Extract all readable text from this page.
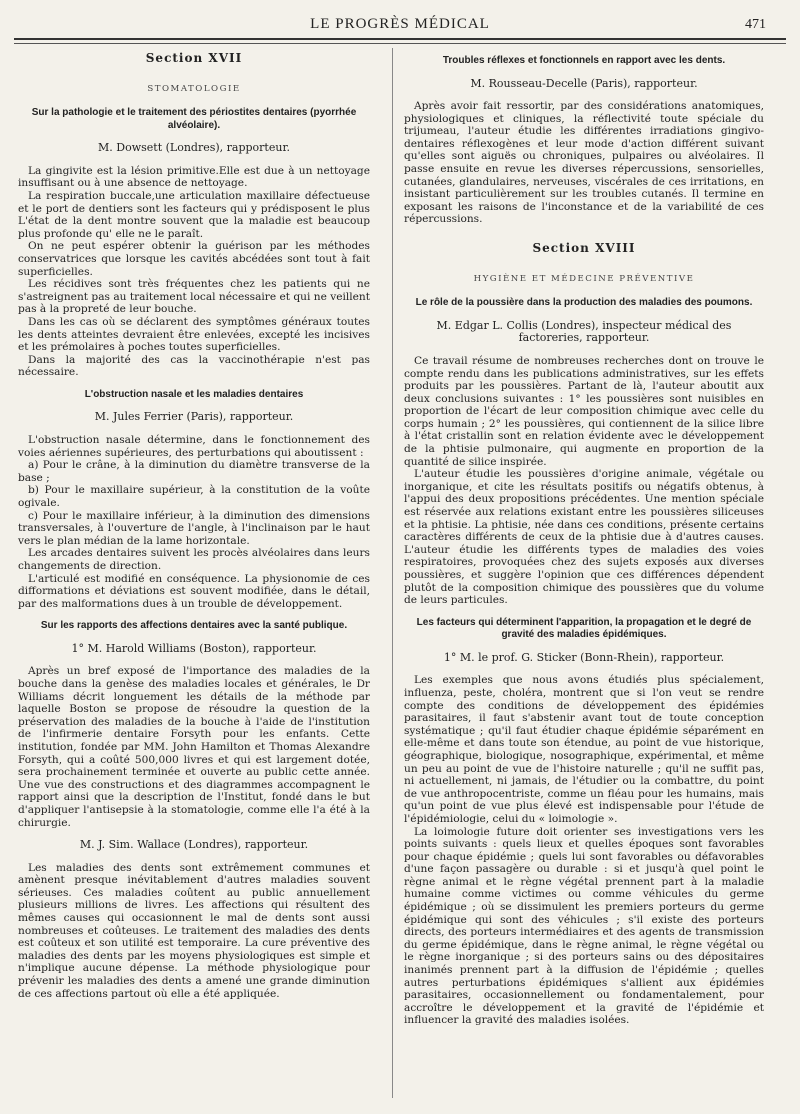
LE PROGRÈS MÉDICAL	471
Section XVII
STOMATOLOGIE
Sur la pathologie et le traitement des périostites dentaires (pyorrhée alvéolaire).
M. Dowsett (Londres), rapporteur.

La gingivite est la lésion primitive.Elle est due à un nettoyage insuffisant ou à une absence de nettoyage.

La respiration buccale,une articulation maxillaire défectueuse et le port de dentiers sont les facteurs qui y prédisposent le plus L'état de la dent montre souvent que la maladie est beaucoup plus profonde qu' elle ne le paraît.

On ne peut espérer obtenir la guérison par les méthodes conservatrices que lorsque les cavités abcédées sont tout à fait superficielles.

Les récidives sont très fréquentes chez les patients qui ne s'astreignent pas au traitement local nécessaire et qui ne veillent pas à la propreté de leur bouche.

Dans les cas où se déclarent des symptômes généraux toutes les dents atteintes devraient être enlevées, excepté les incisives et les prémolaires à poches toutes superficielles.

Dans la majorité des cas la vaccinothérapie n'est pas nécessaire.

L'obstruction nasale et les maladies dentaires
M. Jules Ferrier (Paris), rapporteur.

L'obstruction nasale détermine, dans le fonctionnement des voies aériennes supérieures, des perturbations qui aboutissent :

a) Pour le crâne, à la diminution du diamètre transverse de la base ;

b) Pour le maxillaire supérieur, à la constitution de la voûte ogivale.

c) Pour le maxillaire inférieur, à la diminution des dimensions transversales, à l'ouverture de l'angle, à l'inclinaison par le haut vers le plan médian de la lame horizontale.

Les arcades dentaires suivent les procès alvéolaires dans leurs changements de direction.

L'articulé est modifié en conséquence. La physionomie de ces difformations et déviations est souvent modifiée, dans le détail, par des malformations dues à un trouble de développement.

Sur les rapports des affections dentaires avec la santé publique.
1° M. Harold Williams (Boston), rapporteur.

Après un bref exposé de l'importance des maladies de la bouche dans la genèse des maladies locales et générales, le Dr Williams décrit longuement les détails de la méthode par laquelle Boston se propose de résoudre la question de la préservation des maladies de la bouche à l'aide de l'institution de l'infirmerie dentaire Forsyth pour les enfants. Cette institution, fondée par MM. John Hamilton et Thomas Alexandre Forsyth, qui a coûté 500,000 livres et qui est largement dotée, sera prochainement terminée et ouverte au public cette année. Une vue des constructions et des diagrammes accompagnent le rapport ainsi que la description de l'Institut, fondé dans le but d'appliquer l'antisepsie à la stomatologie, comme elle l'a été à la chirurgie.

M. J. Sim. Wallace (Londres), rapporteur.

Les maladies des dents sont extrêmement communes et amènent presque inévitablement d'autres maladies souvent sérieuses. Ces maladies coûtent au public annuellement plusieurs millions de livres. Les affections qui résultent des mêmes causes qui occasionnent le mal de dents sont aussi nombreuses et coûteuses. Le traitement des maladies des dents est coûteux et son utilité est temporaire. La cure préventive des maladies des dents par les moyens physiologiques est simple et n'implique aucune dépense. La méthode physiologique pour prévenir les maladies des dents a amené une grande diminution de ces affections partout où elle a été appliquée.

Troubles réflexes et fonctionnels en rapport avec les dents.
M. Rousseau-Decelle (Paris), rapporteur.

Après avoir fait ressortir, par des considérations anatomiques, physiologiques et cliniques, la réflectivité toute spéciale du trijumeau, l'auteur étudie les différentes irradiations gingivo-dentaires réflexogènes et leur mode d'action différent suivant qu'elles sont aiguës ou chroniques, pulpaires ou alvéolaires. Il passe ensuite en revue les diverses répercussions, sensorielles, cutanées, glandulaires, nerveuses, viscérales de ces irritations, en insistant particulièrement sur les troubles cutanés. Il termine en exposant les raisons de l'inconstance et de la variabilité de ces répercussions.

Section XVIII
HYGIÈNE ET MÉDECINE PRÉVENTIVE
Le rôle de la poussière dans la production des maladies des poumons.
M. Edgar L. Collis (Londres), inspecteur médical des factoreries, rapporteur.

Ce travail résume de nombreuses recherches dont on trouve le compte rendu dans les publications administratives, sur les effets produits par les poussières. Partant de là, l'auteur aboutit aux deux conclusions suivantes : 1° les poussières sont nuisibles en proportion de l'écart de leur composition chimique avec celle du corps humain ; 2° les poussières, qui contiennent de la silice libre à l'état cristallin sont en relation évidente avec le développement de la phtisie pulmonaire, qui augmente en proportion de la quantité de silice inspirée.

L'auteur étudie les poussières d'origine animale, végétale ou inorganique, et cite les résultats positifs ou négatifs obtenus, à l'appui des deux propositions précédentes. Une mention spéciale est réservée aux relations existant entre les poussières siliceuses et la phtisie. La phtisie, née dans ces conditions, présente certains caractères différents de ceux de la phtisie due à d'autres causes. L'auteur étudie les différents types de maladies des voies respiratoires, provoquées chez des sujets exposés aux diverses poussières, et suggère l'opinion que ces différences dépendent plutôt de la composition chimique des poussières que du volume de leurs particules.

Les facteurs qui déterminent l'apparition, la propagation et le degré de gravité des maladies épidémiques.
1° M. le prof. G. Sticker (Bonn-Rhein), rapporteur.

Les exemples que nous avons étudiés plus spécialement, influenza, peste, choléra, montrent que si l'on veut se rendre compte des conditions de développement des épidémies parasitaires, il faut s'abstenir avant tout de toute conception systématique ; qu'il faut étudier chaque épidémie séparément en elle-même et dans toute son étendue, au point de vue historique, géographique, biologique, nosographique, expérimental, et même un peu au point de vue de l'histoire naturelle ; qu'il ne suffit pas, ni actuellement, ni jamais, de l'étudier ou la combattre, du point de vue anthropocentriste, comme un fléau pour les humains, mais qu'un point de vue plus élevé est indispensable pour l'étude de l'épidémiologie, celui du « loimologie ».

La loimologie future doit orienter ses investigations vers les points suivants : quels lieux et quelles époques sont favorables pour chaque épidémie ; quels lui sont favorables ou défavorables d'une façon passagère ou durable : si et jusqu'à quel point le règne animal et le règne végétal prennent part à la maladie humaine comme victimes ou comme véhicules du germe épidémique ; où se dissimulent les premiers porteurs du germe épidémique qui sont des véhicules ; s'il existe des porteurs directs, des porteurs intermédiaires et des agents de transmission du germe épidémique, dans le règne animal, le règne végétal ou le règne inorganique ; si des porteurs sains ou des dépositaires inanimés prennent part à la diffusion de l'épidémie ; quelles autres perturbations épidémiques s'allient aux épidémies parasitaires, occasionnellement ou fondamentalement, pour accroître le développement et la gravité de l'épidémie et influencer la gravité des maladies isolées.
